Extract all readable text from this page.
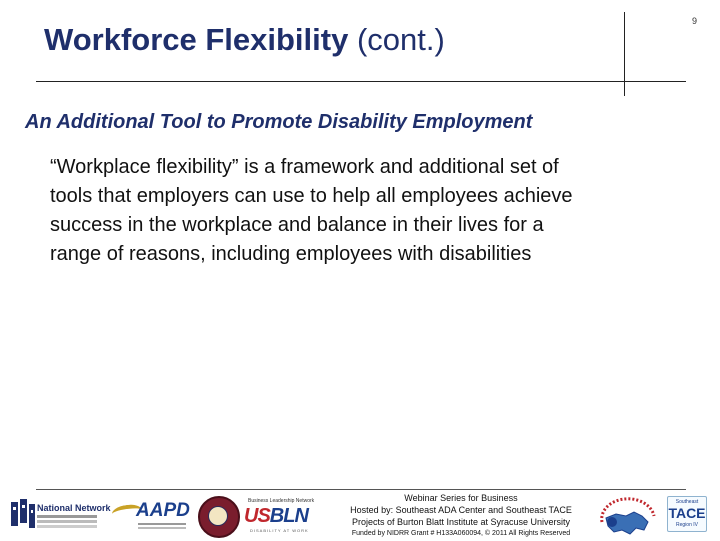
Workforce Flexibility (cont.)
9
An Additional Tool to Promote Disability Employment
“Workplace flexibility” is a framework and additional set of
tools that employers can use to help all employees achieve
success in the workplace and balance in their lives for a
range of reasons, including employees with disabilities
National Network AAPD	Business Leadership Network
USBLN
DISABILITY AT WORK
Webinar Series for Business
Hosted by: Southeast ADA Center and Southeast TACE
Projects of Burton Blatt Institute at Syracuse University
Funded by NIDRR Grant # H133A060094, © 2011 All Rights Reserved
Southeast
TACE
Region IV
